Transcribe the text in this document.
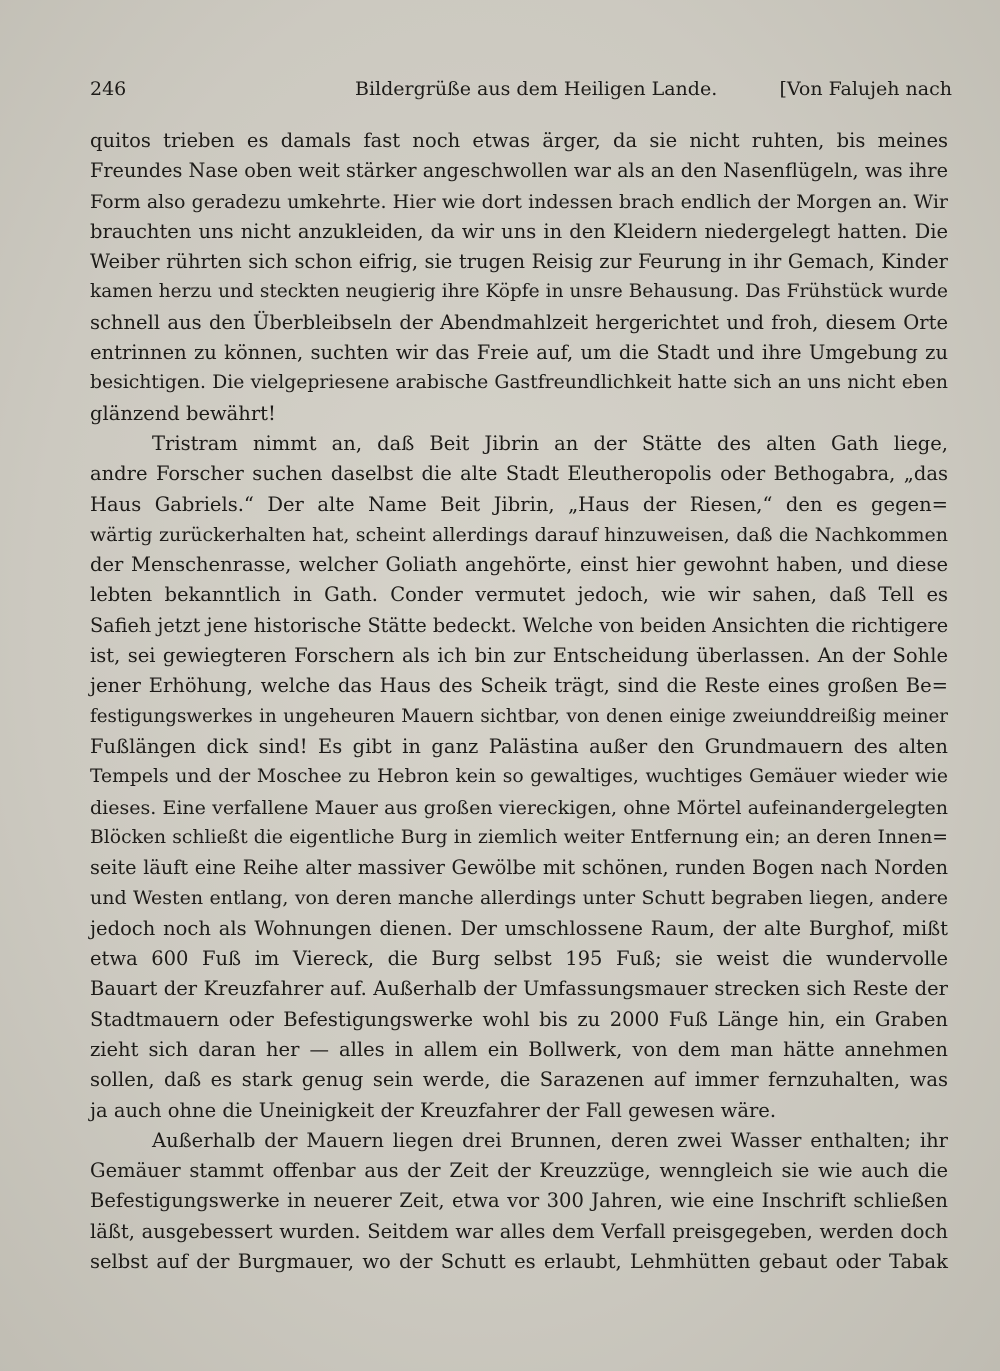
246	Bildergrüße aus dem Heiligen Lande.	[Von Falujeh nach
quitos trieben es damals fast noch etwas ärger, da sie nicht ruhten, bis meines
Freundes Nase oben weit stärker angeschwollen war als an den Nasenflügeln, was ihre
Form also geradezu umkehrte. Hier wie dort indessen brach endlich der Morgen an. Wir
brauchten uns nicht anzukleiden, da wir uns in den Kleidern niedergelegt hatten. Die
Weiber rührten sich schon eifrig, sie trugen Reisig zur Feurung in ihr Gemach, Kinder
kamen herzu und steckten neugierig ihre Köpfe in unsre Behausung. Das Frühstück wurde
schnell aus den Überbleibseln der Abendmahlzeit hergerichtet und froh, diesem Orte
entrinnen zu können, suchten wir das Freie auf, um die Stadt und ihre Umgebung zu
besichtigen. Die vielgepriesene arabische Gastfreundlichkeit hatte sich an uns nicht eben
glänzend bewährt!
Tristram nimmt an, daß Beit Jibrin an der Stätte des alten Gath liege,
andre Forscher suchen daselbst die alte Stadt Eleutheropolis oder Bethogabra, „das
Haus Gabriels.“ Der alte Name Beit Jibrin, „Haus der Riesen,“ den es gegen=
wärtig zurückerhalten hat, scheint allerdings darauf hinzuweisen, daß die Nachkommen
der Menschenrasse, welcher Goliath angehörte, einst hier gewohnt haben, und diese
lebten bekanntlich in Gath. Conder vermutet jedoch, wie wir sahen, daß Tell es
Safieh jetzt jene historische Stätte bedeckt. Welche von beiden Ansichten die richtigere
ist, sei gewiegteren Forschern als ich bin zur Entscheidung überlassen. An der Sohle
jener Erhöhung, welche das Haus des Scheik trägt, sind die Reste eines großen Be=
festigungswerkes in ungeheuren Mauern sichtbar, von denen einige zweiunddreißig meiner
Fußlängen dick sind! Es gibt in ganz Palästina außer den Grundmauern des alten
Tempels und der Moschee zu Hebron kein so gewaltiges, wuchtiges Gemäuer wieder wie
dieses. Eine verfallene Mauer aus großen viereckigen, ohne Mörtel aufeinandergelegten
Blöcken schließt die eigentliche Burg in ziemlich weiter Entfernung ein; an deren Innen=
seite läuft eine Reihe alter massiver Gewölbe mit schönen, runden Bogen nach Norden
und Westen entlang, von deren manche allerdings unter Schutt begraben liegen, andere
jedoch noch als Wohnungen dienen. Der umschlossene Raum, der alte Burghof, mißt
etwa 600 Fuß im Viereck, die Burg selbst 195 Fuß; sie weist die wundervolle
Bauart der Kreuzfahrer auf. Außerhalb der Umfassungsmauer strecken sich Reste der
Stadtmauern oder Befestigungswerke wohl bis zu 2000 Fuß Länge hin, ein Graben
zieht sich daran her — alles in allem ein Bollwerk, von dem man hätte annehmen
sollen, daß es stark genug sein werde, die Sarazenen auf immer fernzuhalten, was
ja auch ohne die Uneinigkeit der Kreuzfahrer der Fall gewesen wäre.
Außerhalb der Mauern liegen drei Brunnen, deren zwei Wasser enthalten; ihr
Gemäuer stammt offenbar aus der Zeit der Kreuzzüge, wenngleich sie wie auch die
Befestigungswerke in neuerer Zeit, etwa vor 300 Jahren, wie eine Inschrift schließen
läßt, ausgebessert wurden. Seitdem war alles dem Verfall preisgegeben, werden doch
selbst auf der Burgmauer, wo der Schutt es erlaubt, Lehmhütten gebaut oder Tabak
